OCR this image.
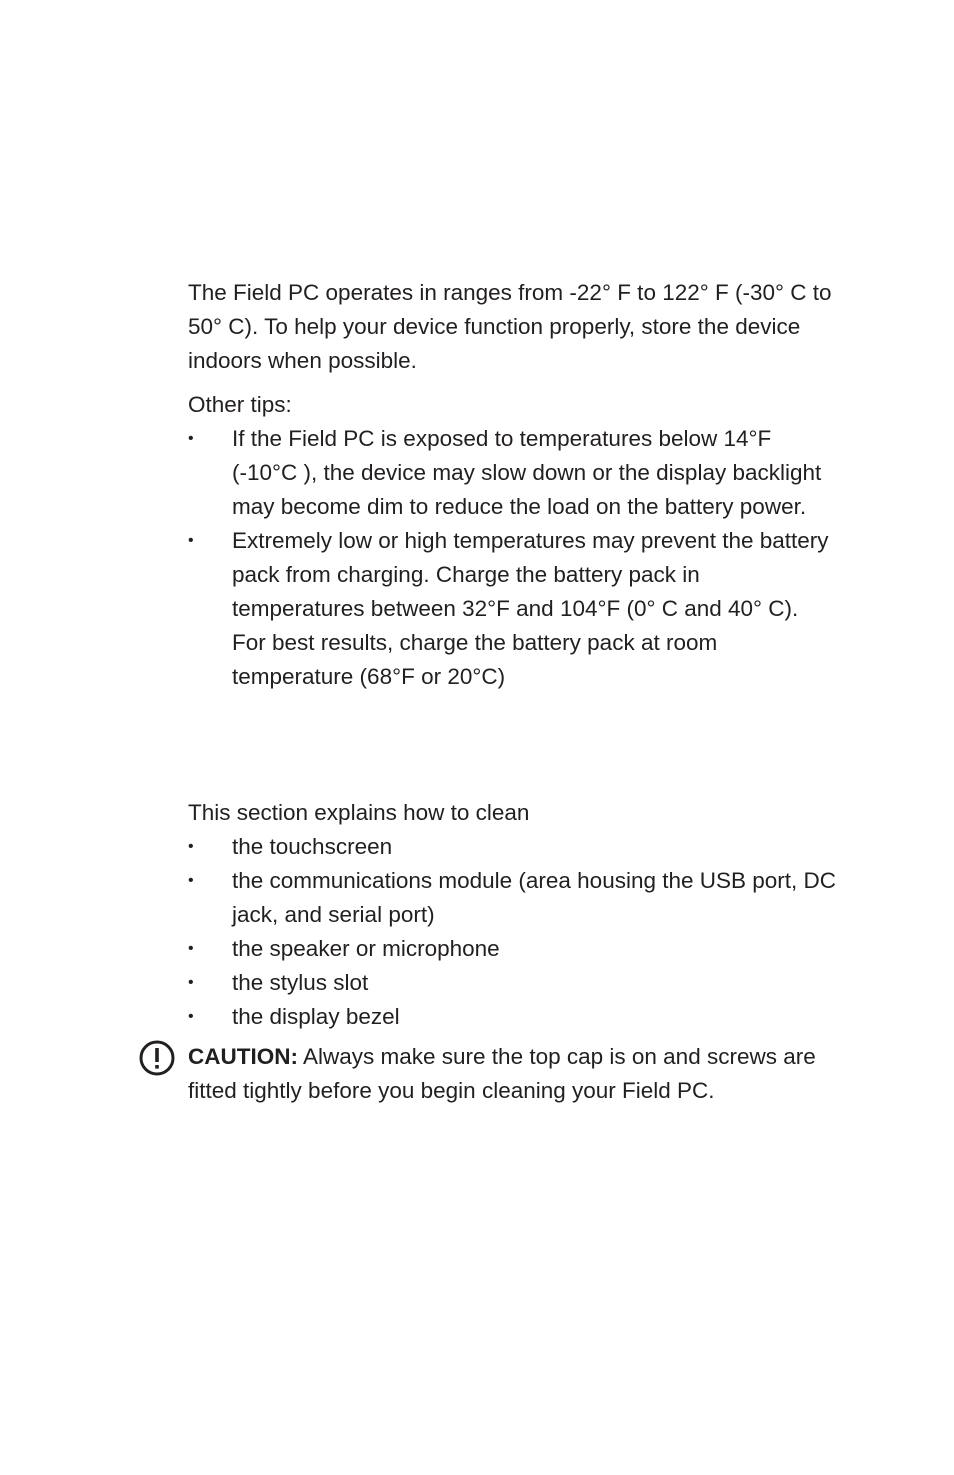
The Field PC operates in ranges from -22° F to 122° F (-30° C to 50° C). To help your device function properly, store the device indoors when possible.

Other tips:

•	If the Field PC is exposed to temperatures below 14°F (-10°C ), the device may slow down or the display backlight may become dim to reduce the load on the battery power.
•	Extremely low or high temperatures may prevent the battery pack from charging. Charge the battery pack in temperatures between 32°F and 104°F (0° C and 40° C). For best results, charge the battery pack at room temperature (68°F or 20°C)

This section explains how to clean

•	the touchscreen
•	the communications module (area housing the USB port, DC jack, and serial port)
•	the speaker or microphone
•	the stylus slot
•	the display bezel

CAUTION: Always make sure the top cap is on and screws are fitted tightly before you begin cleaning your Field PC.
